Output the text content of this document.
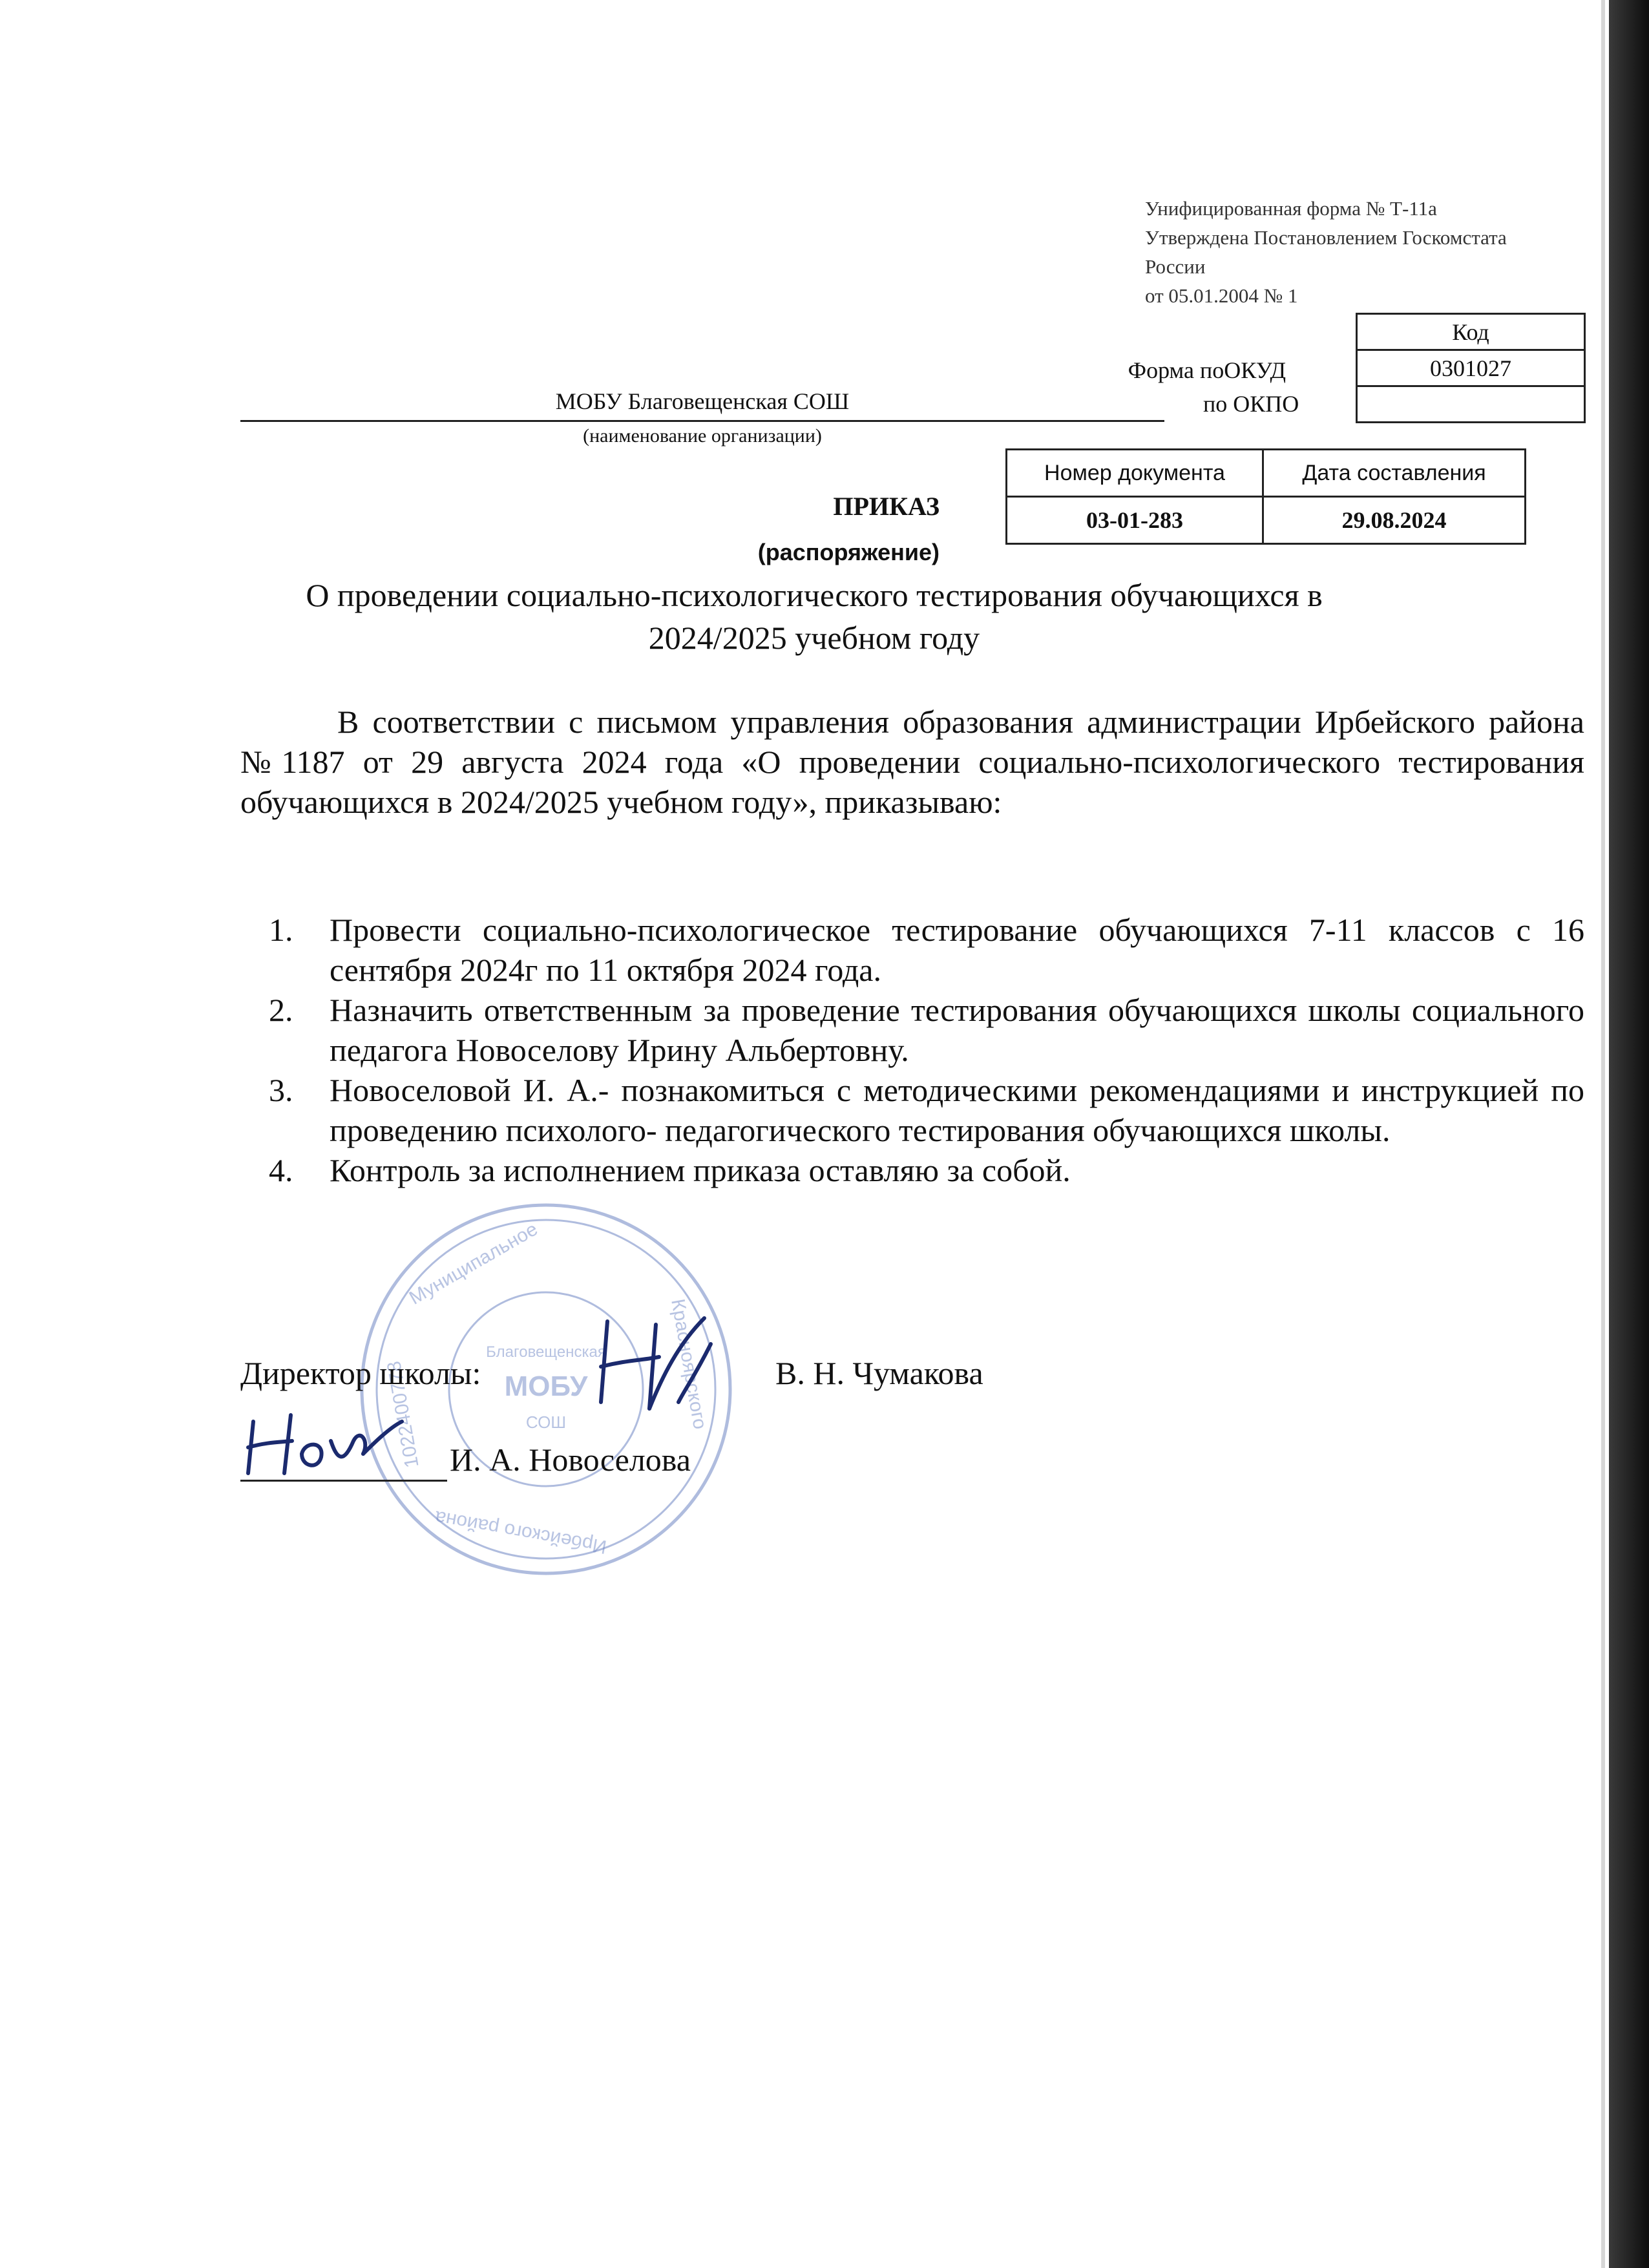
Унифицированная форма № Т-11а
Утверждена Постановлением Госкомстата
России
от 05.01.2004 № 1
Код
0301027

Форма поОКУД
по ОКПО
МОБУ Благовещенская СОШ
(наименование организации)
Номер документа	Дата составления
03-01-283	29.08.2024
ПРИКАЗ
(распоряжение)
О проведении социально-психологического тестирования обучающихся в 2024/2025 учебном году
В соответствии с письмом управления образования администрации Ирбейского района №1187 от 29 августа 2024 года «О проведении социально-психологического тестирования обучающихся в 2024/2025 учебном году», приказываю:
1. Провести социально-психологическое тестирование обучающихся 7-11 классов с 16 сентября 2024г по 11 октября 2024 года.
2. Назначить ответственным за проведение тестирования обучающихся школы социального педагога Новоселову Ирину Альбертовну.
3. Новоселовой И. А.- познакомиться с методическими рекомендациями и инструкцией по проведению психолого- педагогического тестирования обучающихся школы.
4. Контроль за исполнением приказа оставляю за собой.
Муниципальное
Красноярского
Ирбейского района
1022400778	МОБУ
Благовещенская
СОШ
Директор школы:	В. Н. Чумакова
И. А. Новоселова
